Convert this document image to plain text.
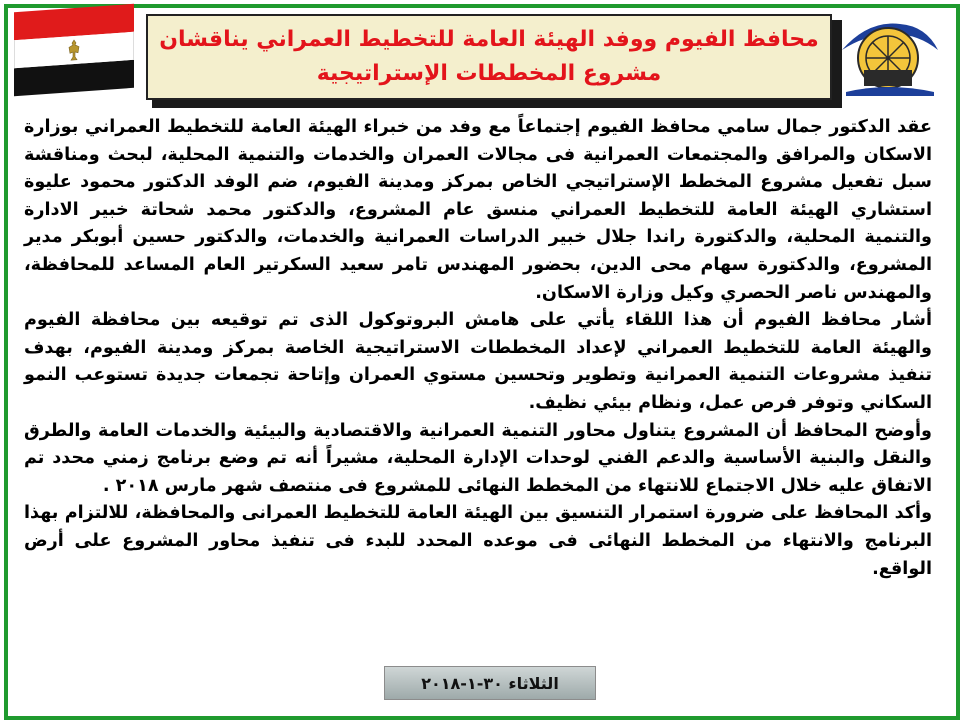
محافظ الفيوم ووفد الهيئة العامة للتخطيط العمراني يناقشان
مشروع المخططات الإستراتيجية

عقد الدكتور جمال سامي محافظ الفيوم إجتماعاً مع وفد من خبراء الهيئة العامة للتخطيط العمراني بوزارة الاسكان والمرافق والمجتمعات العمرانية فى مجالات العمران والخدمات والتنمية المحلية، لبحث ومناقشة سبل تفعيل مشروع المخطط الإستراتيجي الخاص بمركز ومدينة الفيوم، ضم الوفد الدكتور محمود عليوة استشاري الهيئة العامة للتخطيط العمراني منسق عام المشروع، والدكتور محمد شحاتة خبير الادارة والتنمية المحلية، والدكتورة راندا جلال خبير الدراسات العمرانية والخدمات، والدكتور حسين أبوبكر مدير المشروع، والدكتورة سهام محى الدين، بحضور المهندس تامر سعيد السكرتير العام المساعد للمحافظة، والمهندس ناصر الحصري وكيل وزارة الاسكان.

أشار محافظ الفيوم أن هذا اللقاء يأتي على هامش البروتوكول الذى تم توقيعه بين محافظة الفيوم والهيئة العامة للتخطيط العمراني لإعداد المخططات الاستراتيجية الخاصة بمركز ومدينة الفيوم، بهدف تنفيذ مشروعات التنمية العمرانية وتطوير وتحسين مستوي العمران وإتاحة تجمعات جديدة تستوعب النمو السكاني وتوفر فرص عمل، ونظام بيئي نظيف.

وأوضح المحافظ أن المشروع يتناول محاور التنمية العمرانية والاقتصادية والبيئية والخدمات العامة والطرق والنقل والبنية الأساسية والدعم الفني لوحدات الإدارة المحلية، مشيراً أنه تم وضع برنامج زمني محدد تم الاتفاق عليه خلال الاجتماع للانتهاء من المخطط النهائى للمشروع فى منتصف شهر مارس ٢٠١٨ .

وأكد المحافظ على ضرورة استمرار التنسيق بين الهيئة العامة للتخطيط العمرانى والمحافظة، للالتزام بهذا البرنامج والانتهاء من المخطط النهائى فى موعده المحدد للبدء فى تنفيذ محاور المشروع على أرض الواقع.

الثلاثاء ٣٠-١-٢٠١٨
